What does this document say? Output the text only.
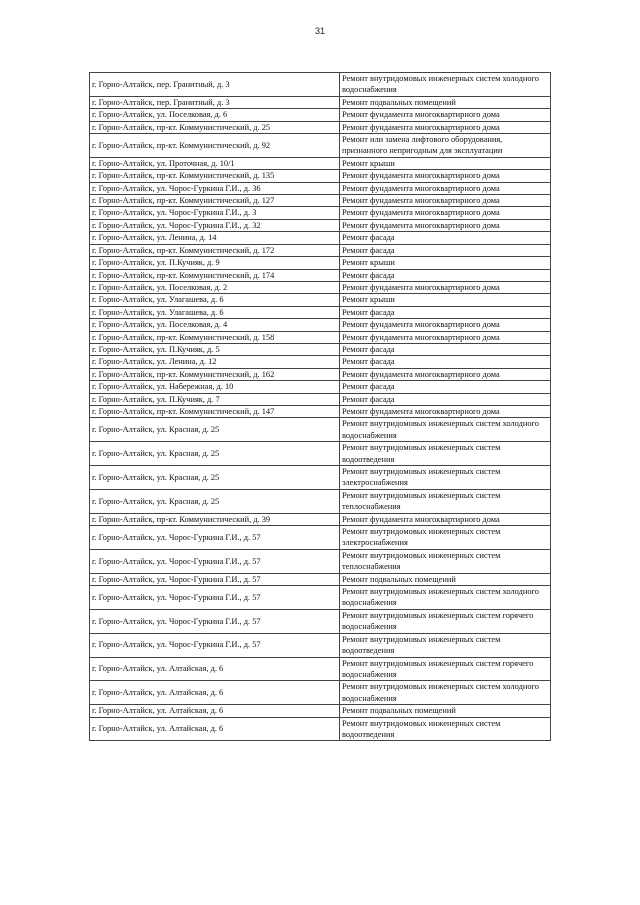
31
г. Горно-Алтайск, пер. Гранитный, д. 3	Ремонт внутридомовых инженерных систем холодного водоснабжения
г. Горно-Алтайск, пер. Гранитный, д. 3	Ремонт подвальных помещений
г. Горно-Алтайск, ул. Поселковая, д. 6	Ремонт фундамента многоквартирного дома
г. Горно-Алтайск, пр-кт. Коммунистический, д. 25	Ремонт фундамента многоквартирного дома
г. Горно-Алтайск, пр-кт. Коммунистический, д. 92	Ремонт или замена лифтового оборудования, признанного непригодным для эксплуатации
г. Горно-Алтайск, ул. Проточная, д. 10/1	Ремонт крыши
г. Горно-Алтайск, пр-кт. Коммунистический, д. 135	Ремонт фундамента многоквартирного дома
г. Горно-Алтайск, ул. Чорос-Гуркина Г.И., д. 36	Ремонт фундамента многоквартирного дома
г. Горно-Алтайск, пр-кт. Коммунистический, д. 127	Ремонт фундамента многоквартирного дома
г. Горно-Алтайск, ул. Чорос-Гуркина Г.И., д. 3	Ремонт фундамента многоквартирного дома
г. Горно-Алтайск, ул. Чорос-Гуркина Г.И., д. 32	Ремонт фундамента многоквартирного дома
г. Горно-Алтайск, ул. Ленина, д. 14	Ремонт фасада
г. Горно-Алтайск, пр-кт. Коммунистический, д. 172	Ремонт фасада
г. Горно-Алтайск, ул. П.Кучияк, д. 9	Ремонт крыши
г. Горно-Алтайск, пр-кт. Коммунистический, д. 174	Ремонт фасада
г. Горно-Алтайск, ул. Поселковая, д. 2	Ремонт фундамента многоквартирного дома
г. Горно-Алтайск, ул. Улагашева, д. 6	Ремонт крыши
г. Горно-Алтайск, ул. Улагашева, д. 6	Ремонт фасада
г. Горно-Алтайск, ул. Поселковая, д. 4	Ремонт фундамента многоквартирного дома
г. Горно-Алтайск, пр-кт. Коммунистический, д. 158	Ремонт фундамента многоквартирного дома
г. Горно-Алтайск, ул. П.Кучияк, д. 5	Ремонт фасада
г. Горно-Алтайск, ул. Ленина, д. 12	Ремонт фасада
г. Горно-Алтайск, пр-кт. Коммунистический, д. 162	Ремонт фундамента многоквартирного дома
г. Горно-Алтайск, ул. Набережная, д. 10	Ремонт фасада
г. Горно-Алтайск, ул. П.Кучияк, д. 7	Ремонт фасада
г. Горно-Алтайск, пр-кт. Коммунистический, д. 147	Ремонт фундамента многоквартирного дома
г. Горно-Алтайск, ул. Красная, д. 25	Ремонт внутридомовых инженерных систем холодного водоснабжения
г. Горно-Алтайск, ул. Красная, д. 25	Ремонт внутридомовых инженерных систем водоотведения
г. Горно-Алтайск, ул. Красная, д. 25	Ремонт внутридомовых инженерных систем электроснабжения
г. Горно-Алтайск, ул. Красная, д. 25	Ремонт внутридомовых инженерных систем теплоснабжения
г. Горно-Алтайск, пр-кт. Коммунистический, д. 39	Ремонт фундамента многоквартирного дома
г. Горно-Алтайск, ул. Чорос-Гуркина Г.И., д. 57	Ремонт внутридомовых инженерных систем электроснабжения
г. Горно-Алтайск, ул. Чорос-Гуркина Г.И., д. 57	Ремонт внутридомовых инженерных систем теплоснабжения
г. Горно-Алтайск, ул. Чорос-Гуркина Г.И., д. 57	Ремонт подвальных помещений
г. Горно-Алтайск, ул. Чорос-Гуркина Г.И., д. 57	Ремонт внутридомовых инженерных систем холодного водоснабжения
г. Горно-Алтайск, ул. Чорос-Гуркина Г.И., д. 57	Ремонт внутридомовых инженерных систем горячего водоснабжения
г. Горно-Алтайск, ул. Чорос-Гуркина Г.И., д. 57	Ремонт внутридомовых инженерных систем водоотведения
г. Горно-Алтайск, ул. Алтайская, д. 6	Ремонт внутридомовых инженерных систем горячего водоснабжения
г. Горно-Алтайск, ул. Алтайская, д. 6	Ремонт внутридомовых инженерных систем холодного водоснабжения
г. Горно-Алтайск, ул. Алтайская, д. 6	Ремонт подвальных помещений
г. Горно-Алтайск, ул. Алтайская, д. 6	Ремонт внутридомовых инженерных систем водоотведения
